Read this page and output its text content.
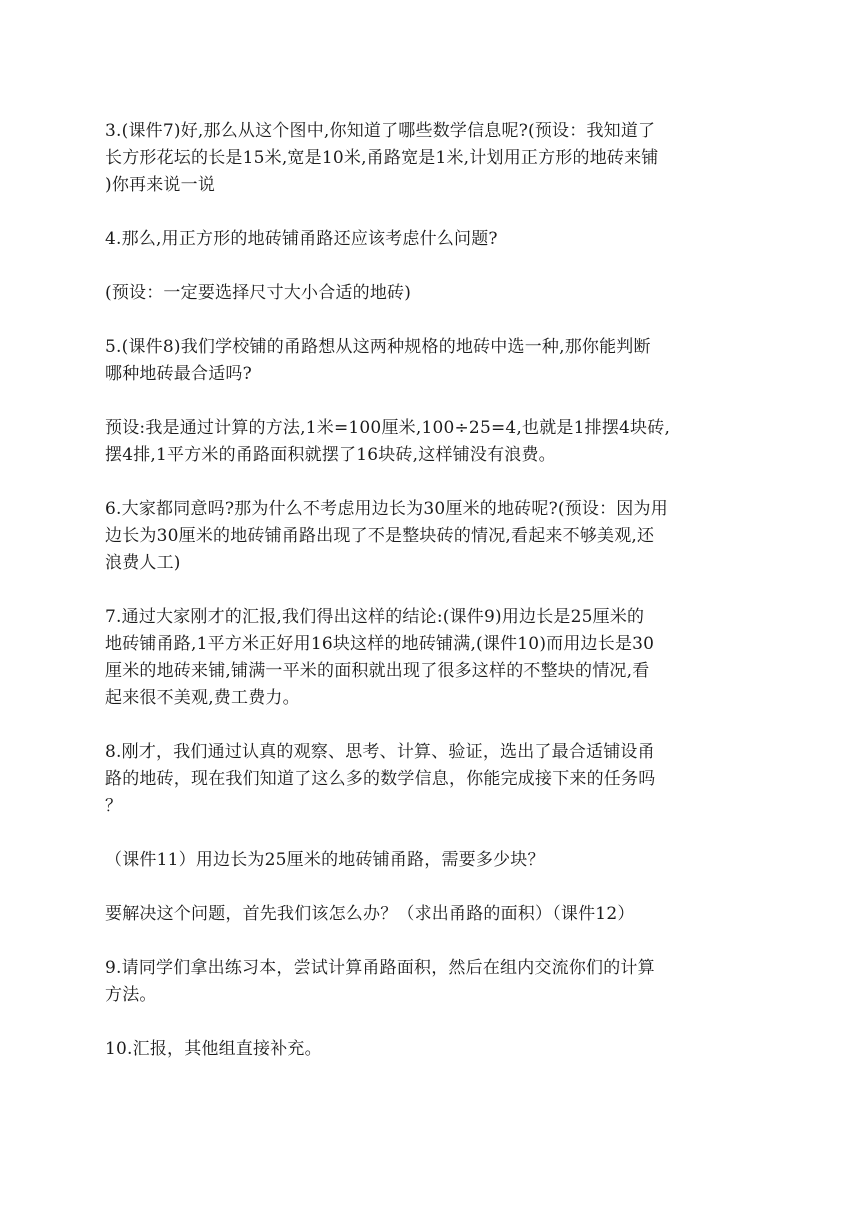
3.(课件7)好,那么从这个图中,你知道了哪些数学信息呢?(预设：我知道了
长方形花坛的长是15米,宽是10米,甬路宽是1米,计划用正方形的地砖来铺
)你再来说一说

4.那么,用正方形的地砖铺甬路还应该考虑什么问题?

(预设：一定要选择尺寸大小合适的地砖)

5.(课件8)我们学校铺的甬路想从这两种规格的地砖中选一种,那你能判断
哪种地砖最合适吗?

预设:我是通过计算的方法,1米=100厘米,100÷25=4,也就是1排摆4块砖,
摆4排,1平方米的甬路面积就摆了16块砖,这样铺没有浪费。

6.大家都同意吗?那为什么不考虑用边长为30厘米的地砖呢?(预设：因为用
边长为30厘米的地砖铺甬路出现了不是整块砖的情况,看起来不够美观,还
浪费人工)

7.通过大家刚才的汇报,我们得出这样的结论:(课件9)用边长是25厘米的
地砖铺甬路,1平方米正好用16块这样的地砖铺满,(课件10)而用边长是30
厘米的地砖来铺,铺满一平米的面积就出现了很多这样的不整块的情况,看
起来很不美观,费工费力。

8.刚才，我们通过认真的观察、思考、计算、验证，选出了最合适铺设甬
路的地砖，现在我们知道了这么多的数学信息，你能完成接下来的任务吗
？

（课件11）用边长为25厘米的地砖铺甬路，需要多少块？

要解决这个问题，首先我们该怎么办？（求出甬路的面积）（课件12）

9.请同学们拿出练习本，尝试计算甬路面积，然后在组内交流你们的计算
方法。

10.汇报，其他组直接补充。
